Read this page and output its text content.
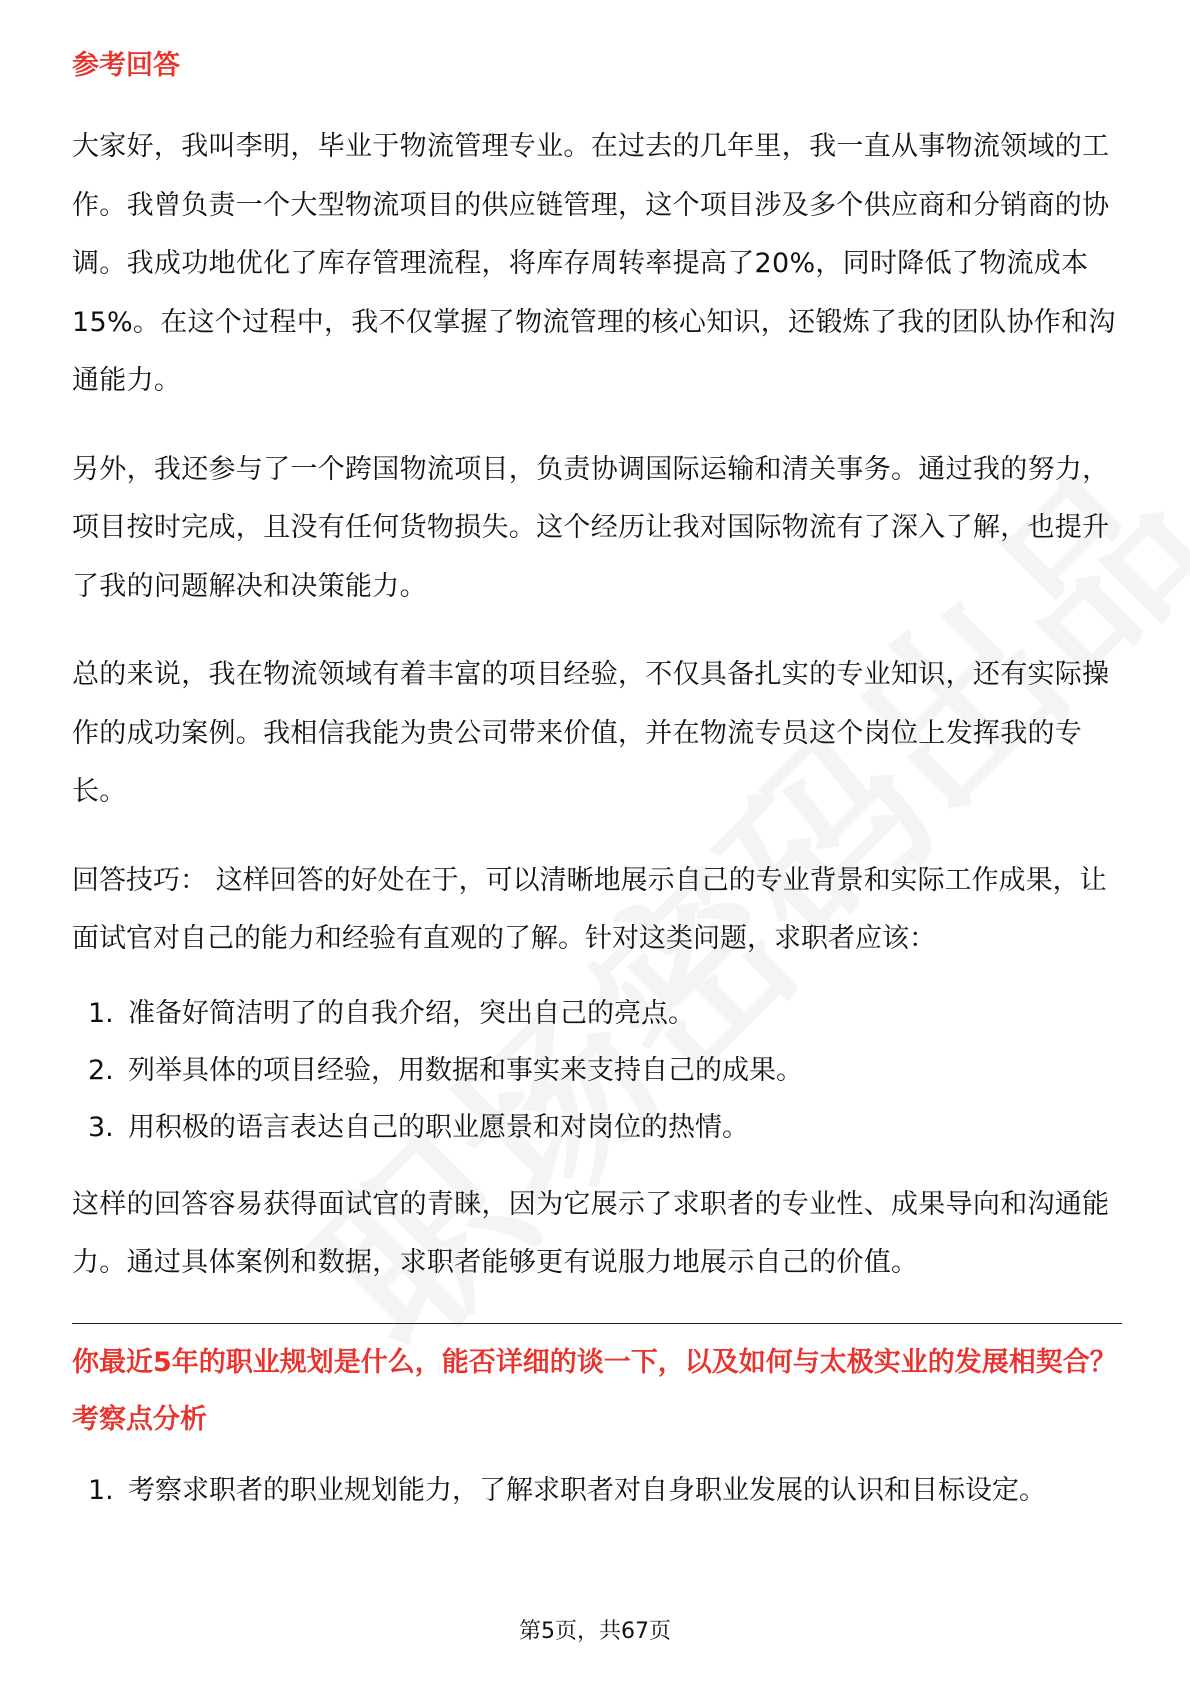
参考回答

大家好，我叫李明，毕业于物流管理专业。在过去的几年里，我一直从事物流领域的工作。我曾负责一个大型物流项目的供应链管理，这个项目涉及多个供应商和分销商的协调。我成功地优化了库存管理流程，将库存周转率提高了20%，同时降低了物流成本15%。在这个过程中，我不仅掌握了物流管理的核心知识，还锻炼了我的团队协作和沟通能力。

另外，我还参与了一个跨国物流项目，负责协调国际运输和清关事务。通过我的努力，项目按时完成，且没有任何货物损失。这个经历让我对国际物流有了深入了解，也提升了我的问题解决和决策能力。

总的来说，我在物流领域有着丰富的项目经验，不仅具备扎实的专业知识，还有实际操作的成功案例。我相信我能为贵公司带来价值，并在物流专员这个岗位上发挥我的专长。

回答技巧： 这样回答的好处在于，可以清晰地展示自己的专业背景和实际工作成果，让面试官对自己的能力和经验有直观的了解。针对这类问题，求职者应该：

1. 准备好简洁明了的自我介绍，突出自己的亮点。
2. 列举具体的项目经验，用数据和事实来支持自己的成果。
3. 用积极的语言表达自己的职业愿景和对岗位的热情。

这样的回答容易获得面试官的青睐，因为它展示了求职者的专业性、成果导向和沟通能力。通过具体案例和数据，求职者能够更有说服力地展示自己的价值。

你最近5年的职业规划是什么，能否详细的谈一下，以及如何与太极实业的发展相契合？
考察点分析
1. 考察求职者的职业规划能力，了解求职者对自身职业发展的认识和目标设定。
第5页，共67页
